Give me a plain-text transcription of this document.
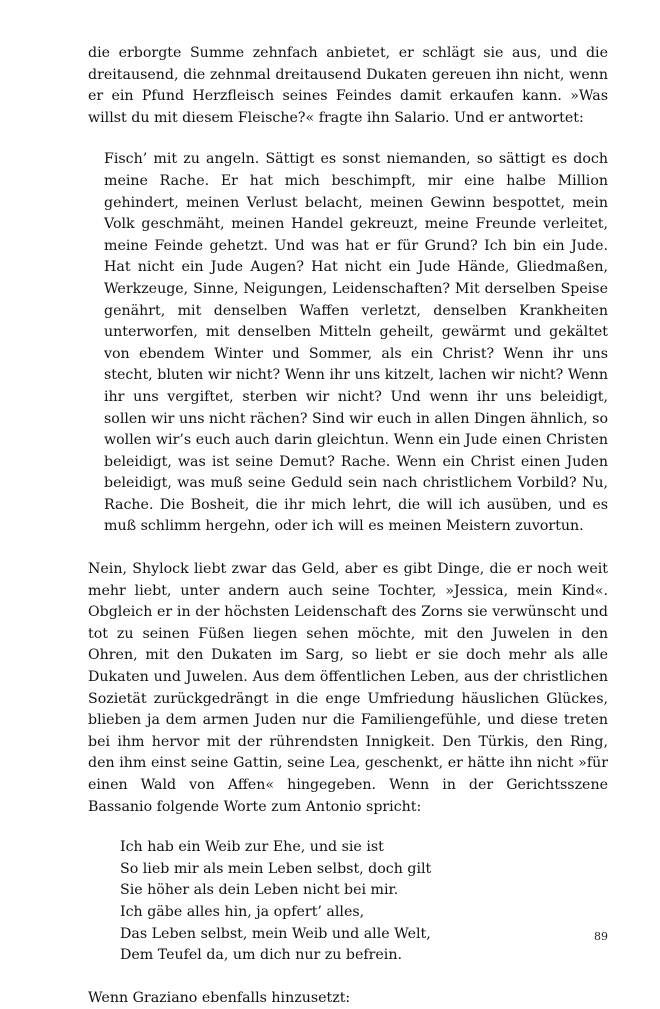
die erborgte Summe zehnfach anbietet, er schlägt sie aus, und die dreitausend, die zehnmal dreitausend Dukaten gereuen ihn nicht, wenn er ein Pfund Herzfleisch seines Feindes damit erkaufen kann. »Was willst du mit diesem Fleische?« fragte ihn Salario. Und er antwortet:

Fisch’ mit zu angeln. Sättigt es sonst niemanden, so sättigt es doch meine Rache. Er hat mich beschimpft, mir eine halbe Million gehindert, meinen Verlust belacht, meinen Gewinn bespottet, mein Volk geschmäht, meinen Handel gekreuzt, meine Freunde verleitet, meine Feinde gehetzt. Und was hat er für Grund? Ich bin ein Jude. Hat nicht ein Jude Augen? Hat nicht ein Jude Hände, Gliedmaßen, Werkzeuge, Sinne, Neigungen, Leidenschaften? Mit derselben Speise genährt, mit denselben Waffen verletzt, denselben Krankheiten unterworfen, mit denselben Mitteln geheilt, gewärmt und gekältet von ebendem Winter und Sommer, als ein Christ? Wenn ihr uns stecht, bluten wir nicht? Wenn ihr uns kitzelt, lachen wir nicht? Wenn ihr uns vergiftet, sterben wir nicht? Und wenn ihr uns beleidigt, sollen wir uns nicht rächen? Sind wir euch in allen Dingen ähnlich, so wollen wir’s euch auch darin gleichtun. Wenn ein Jude einen Christen beleidigt, was ist seine Demut? Rache. Wenn ein Christ einen Juden beleidigt, was muß seine Geduld sein nach christlichem Vorbild? Nu, Rache. Die Bosheit, die ihr mich lehrt, die will ich ausüben, und es muß schlimm hergehn, oder ich will es meinen Meistern zuvortun.

Nein, Shylock liebt zwar das Geld, aber es gibt Dinge, die er noch weit mehr liebt, unter andern auch seine Tochter, »Jessica, mein Kind«. Obgleich er in der höchsten Leidenschaft des Zorns sie verwünscht und tot zu seinen Füßen liegen sehen möchte, mit den Juwelen in den Ohren, mit den Dukaten im Sarg, so liebt er sie doch mehr als alle Dukaten und Juwelen. Aus dem öffentlichen Leben, aus der christlichen Sozietät zurückgedrängt in die enge Umfriedung häuslichen Glückes, blieben ja dem armen Juden nur die Familiengefühle, und diese treten bei ihm hervor mit der rührendsten Innigkeit. Den Türkis, den Ring, den ihm einst seine Gattin, seine Lea, geschenkt, er hätte ihn nicht »für einen Wald von Affen« hingegeben. Wenn in der Gerichtsszene Bassanio folgende Worte zum Antonio spricht:

Ich hab ein Weib zur Ehe, und sie ist
So lieb mir als mein Leben selbst, doch gilt
Sie höher als dein Leben nicht bei mir.
Ich gäbe alles hin, ja opfert’ alles,
Das Leben selbst, mein Weib und alle Welt,
Dem Teufel da, um dich nur zu befrein.

Wenn Graziano ebenfalls hinzusetzt:

89
